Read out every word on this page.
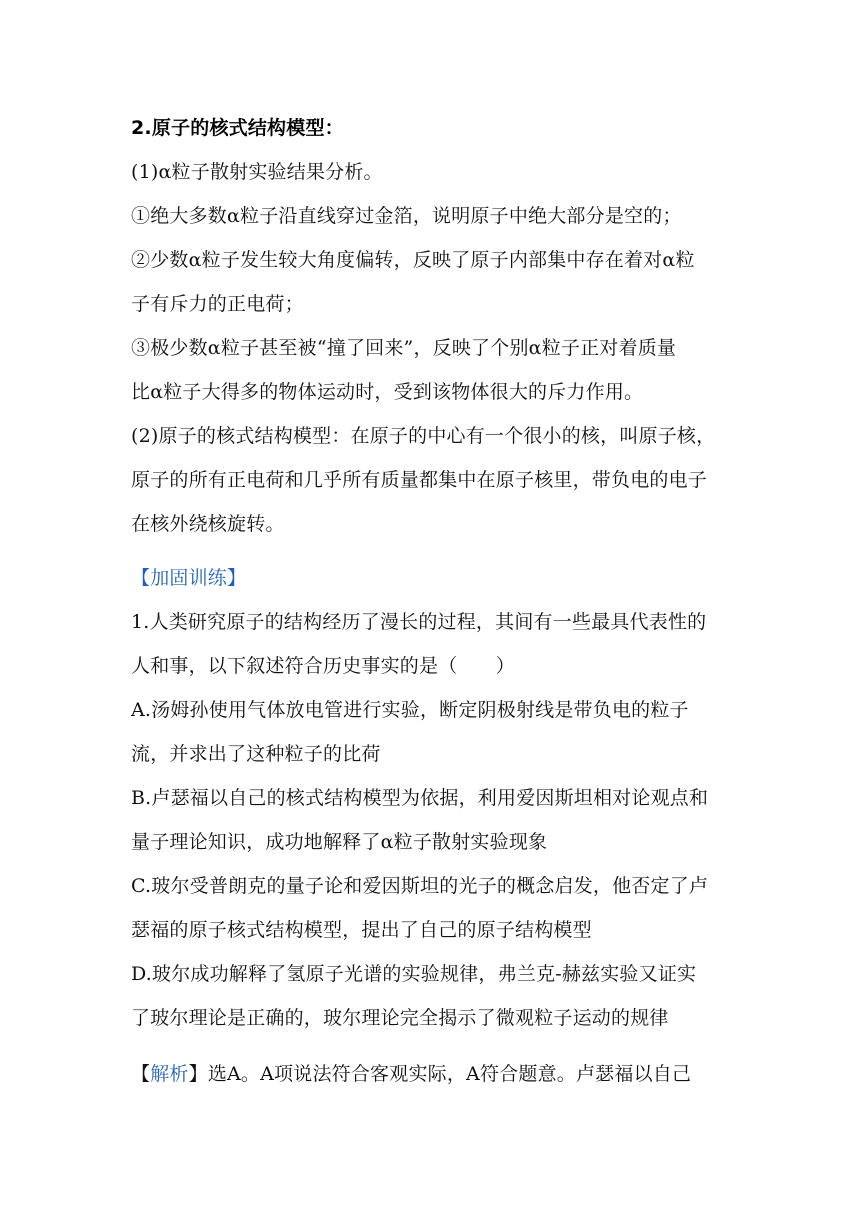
2.原子的核式结构模型：
(1)α粒子散射实验结果分析。
①绝大多数α粒子沿直线穿过金箔，说明原子中绝大部分是空的；
②少数α粒子发生较大角度偏转，反映了原子内部集中存在着对α粒
子有斥力的正电荷；
③极少数α粒子甚至被“撞了回来”，反映了个别α粒子正对着质量
比α粒子大得多的物体运动时，受到该物体很大的斥力作用。
(2)原子的核式结构模型：在原子的中心有一个很小的核，叫原子核，
原子的所有正电荷和几乎所有质量都集中在原子核里，带负电的电子
在核外绕核旋转。
【加固训练】
1.人类研究原子的结构经历了漫长的过程，其间有一些最具代表性的
人和事，以下叙述符合历史事实的是（　　）
A.汤姆孙使用气体放电管进行实验，断定阴极射线是带负电的粒子
流，并求出了这种粒子的比荷
B.卢瑟福以自己的核式结构模型为依据，利用爱因斯坦相对论观点和
量子理论知识，成功地解释了α粒子散射实验现象
C.玻尔受普朗克的量子论和爱因斯坦的光子的概念启发，他否定了卢
瑟福的原子核式结构模型，提出了自己的原子结构模型
D.玻尔成功解释了氢原子光谱的实验规律，弗兰克-赫兹实验又证实
了玻尔理论是正确的，玻尔理论完全揭示了微观粒子运动的规律
【解析】选A。A项说法符合客观实际，A符合题意。卢瑟福以自己
